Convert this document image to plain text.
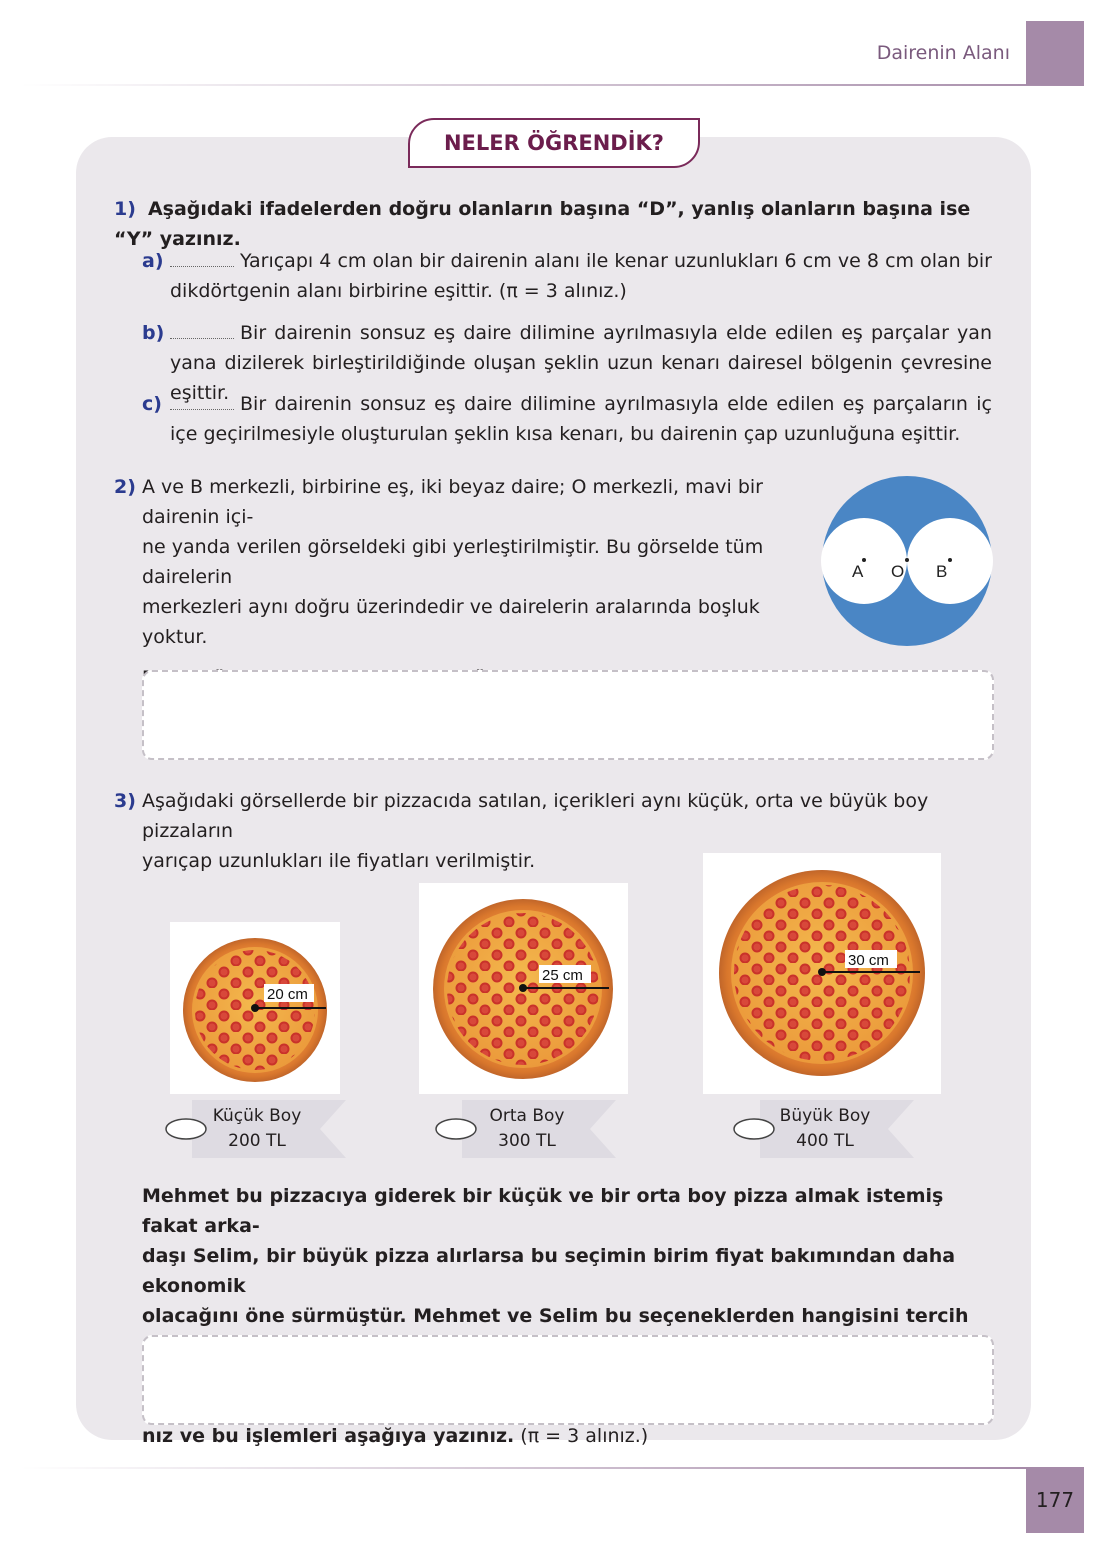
Dairenin Alanı
NELER ÖĞRENDİK?
1) Aşağıdaki ifadelerden doğru olanların başına “D”, yanlış olanların başına ise “Y” yazınız.
a)	Yarıçapı 4 cm olan bir dairenin alanı ile kenar uzunlukları 6 cm ve 8 cm olan bir dikdörtgenin alanı birbirine eşittir. (π = 3 alınız.)
b)	Bir dairenin sonsuz eş daire dilimine ayrılmasıyla elde edilen eş parçalar yan yana dizilerek birleştirildiğinde oluşan şeklin uzun kenarı dairesel bölgenin çevresine eşittir.
c)	Bir dairenin sonsuz eş daire dilimine ayrılmasıyla elde edilen eş parçaların iç içe geçirilmesiyle oluşturulan şeklin kısa kenarı, bu dairenin çap uzunluğuna eşittir.
2) A ve B merkezli, birbirine eş, iki beyaz daire; O merkezli, mavi bir dairenin içi-
ne yanda verilen görseldeki gibi yerleştirilmiştir. Bu görselde tüm dairelerin
merkezleri aynı doğru üzerindedir ve dairelerin aralarında boşluk yoktur.
A O B
3) Aşağıdaki görsellerde bir pizzacıda satılan, içerikleri aynı küçük, orta ve büyük boy pizzaların
yarıçap uzunlukları ile fiyatları verilmiştir.
20 cm
Küçük Boy
200 TL
25 cm
Orta Boy
300 TL
30 cm
Büyük Boy
400 TL
Mehmet bu pizzacıya giderek bir küçük ve bir orta boy pizza almak istemiş fakat arka-
daşı Selim, bir büyük pizza alırlarsa bu seçimin birim fiyat bakımından daha ekonomik
olacağını öne sürmüştür. Mehmet ve Selim bu seçeneklerden hangisini tercih
nız ve bu işlemleri aşağıya yazınız. (π = 3 alınız.)
177
